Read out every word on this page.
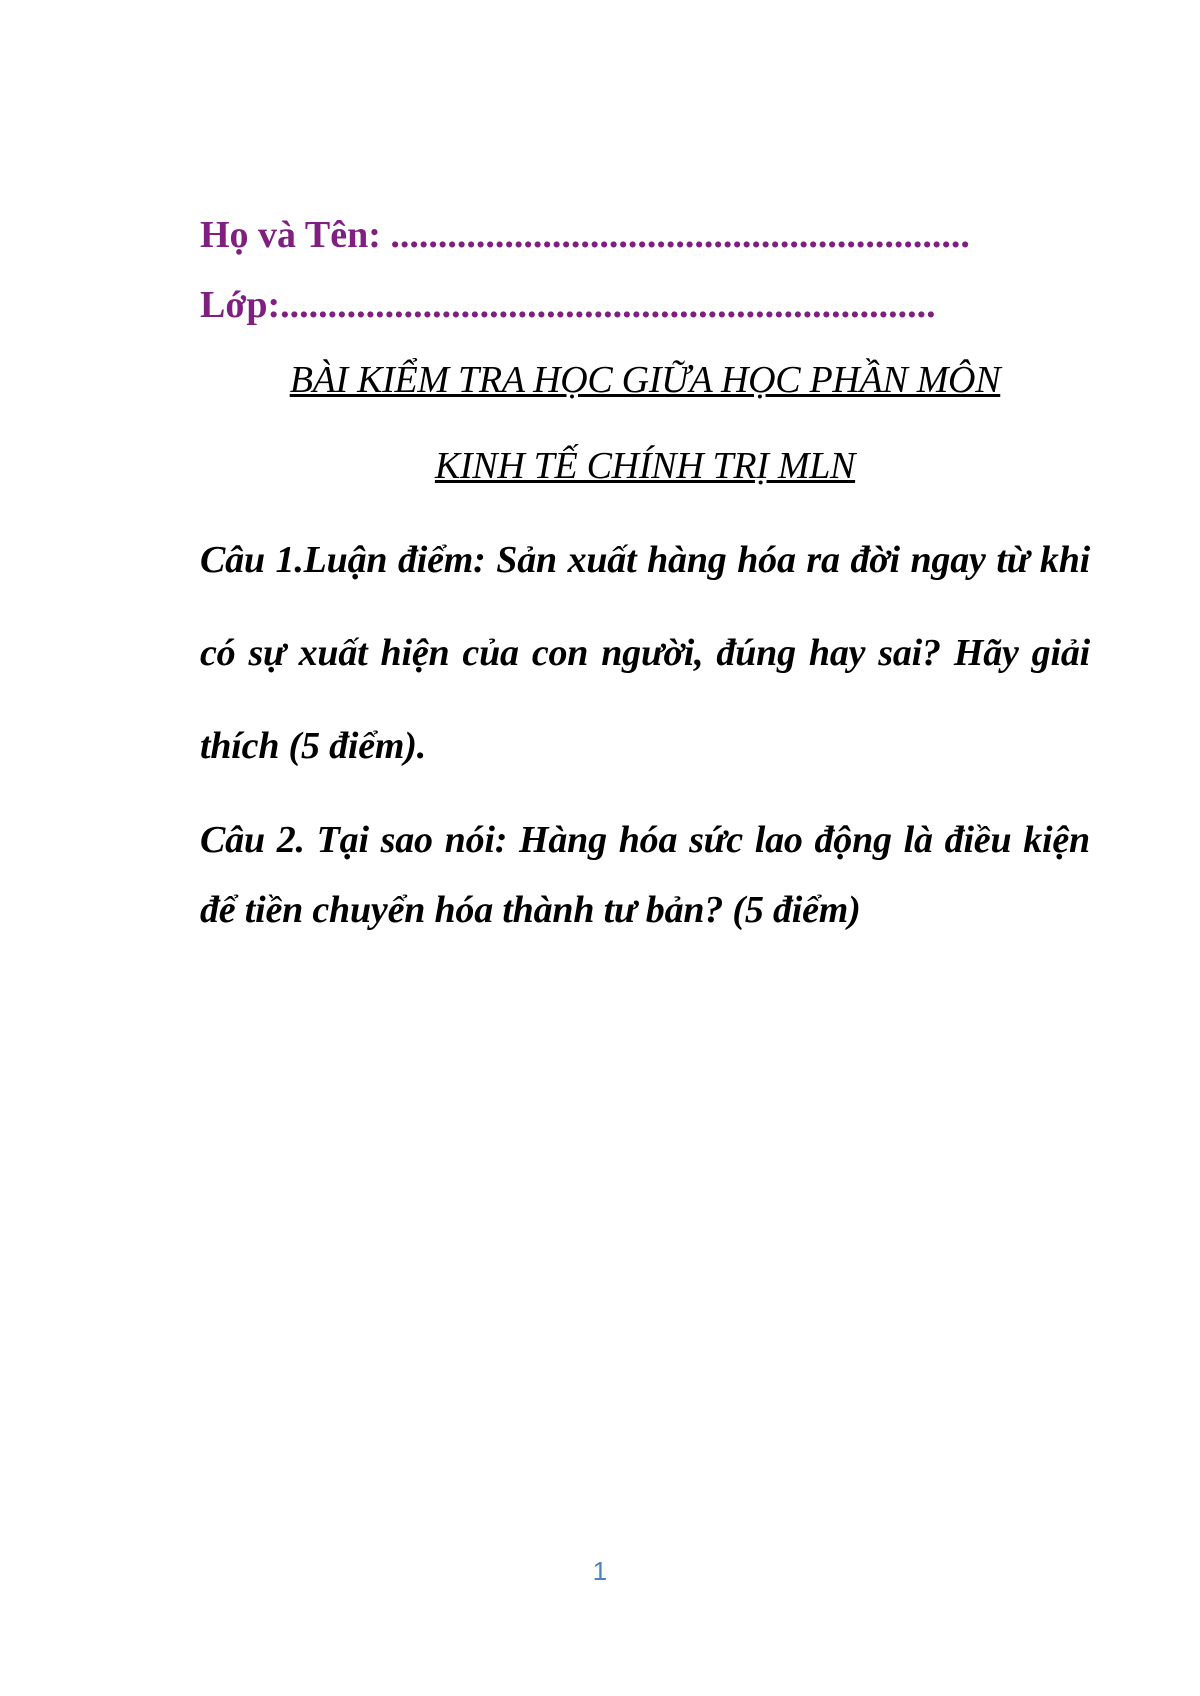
Họ và Tên: .............................................................
Lớp:.....................................................................
BÀI KIỂM TRA HỌC GIỮA HỌC PHẦN MÔN
KINH TẾ CHÍNH TRỊ MLN
Câu 1.Luận điểm: Sản xuất hàng hóa ra đời ngay từ khi có sự xuất hiện của con người, đúng hay sai? Hãy giải thích (5 điểm).
Câu 2. Tại sao nói: Hàng hóa sức lao động là điều kiện để tiền chuyển hóa thành tư bản? (5 điểm)
1
